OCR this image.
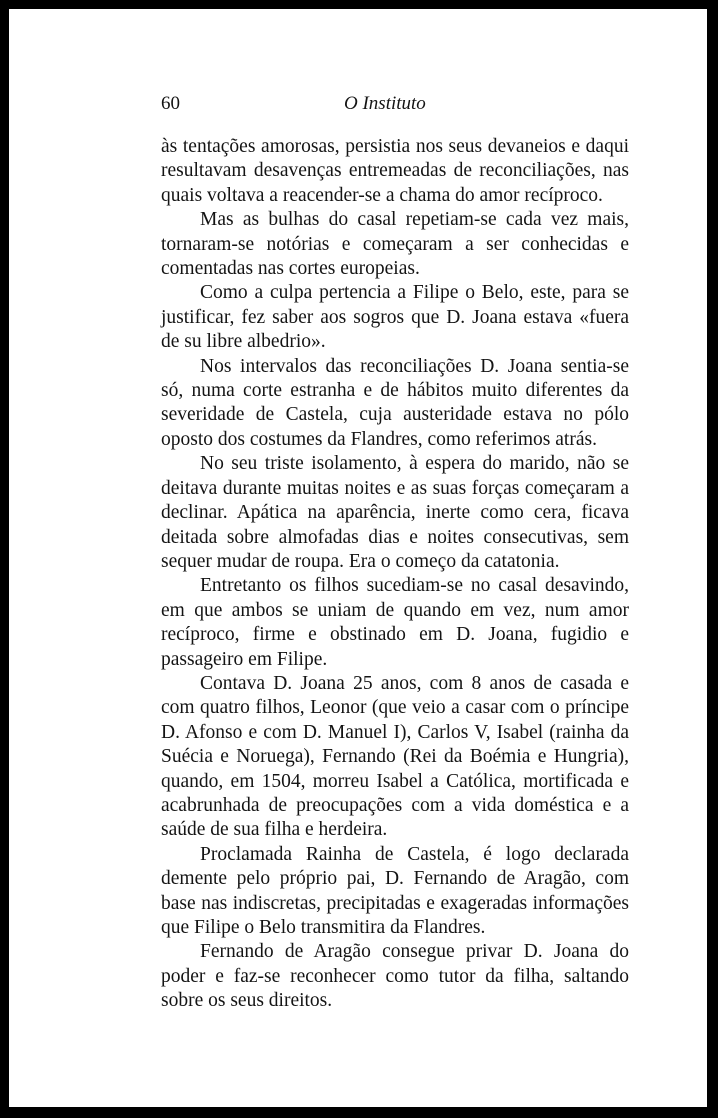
60	O Instituto

às tentações amorosas, persistia nos seus devaneios e daqui resultavam desavenças entremeadas de reconciliações, nas quais voltava a reacender-se a chama do amor recíproco.

Mas as bulhas do casal repetiam-se cada vez mais, tornaram-se notórias e começaram a ser conhecidas e comentadas nas cortes europeias.

Como a culpa pertencia a Filipe o Belo, este, para se justificar, fez saber aos sogros que D. Joana estava «fuera de su libre albedrio».

Nos intervalos das reconciliações D. Joana sentia-se só, numa corte estranha e de hábitos muito diferentes da severidade de Castela, cuja austeridade estava no pólo oposto dos costumes da Flandres, como referimos atrás.

No seu triste isolamento, à espera do marido, não se deitava durante muitas noites e as suas forças começaram a declinar. Apática na aparência, inerte como cera, ficava deitada sobre almofadas dias e noites consecutivas, sem sequer mudar de roupa. Era o começo da catatonia.

Entretanto os filhos sucediam-se no casal desavindo, em que ambos se uniam de quando em vez, num amor recíproco, firme e obstinado em D. Joana, fugidio e passageiro em Filipe.

Contava D. Joana 25 anos, com 8 anos de casada e com quatro filhos, Leonor (que veio a casar com o príncipe D. Afonso e com D. Manuel I), Carlos V, Isabel (rainha da Suécia e Noruega), Fernando (Rei da Boémia e Hungria), quando, em 1504, morreu Isabel a Católica, mortificada e acabrunhada de preocupações com a vida doméstica e a saúde de sua filha e herdeira.

Proclamada Rainha de Castela, é logo declarada demente pelo próprio pai, D. Fernando de Aragão, com base nas indiscretas, precipitadas e exageradas informações que Filipe o Belo transmitira da Flandres.

Fernando de Aragão consegue privar D. Joana do poder e faz-se reconhecer como tutor da filha, saltando sobre os seus direitos.
